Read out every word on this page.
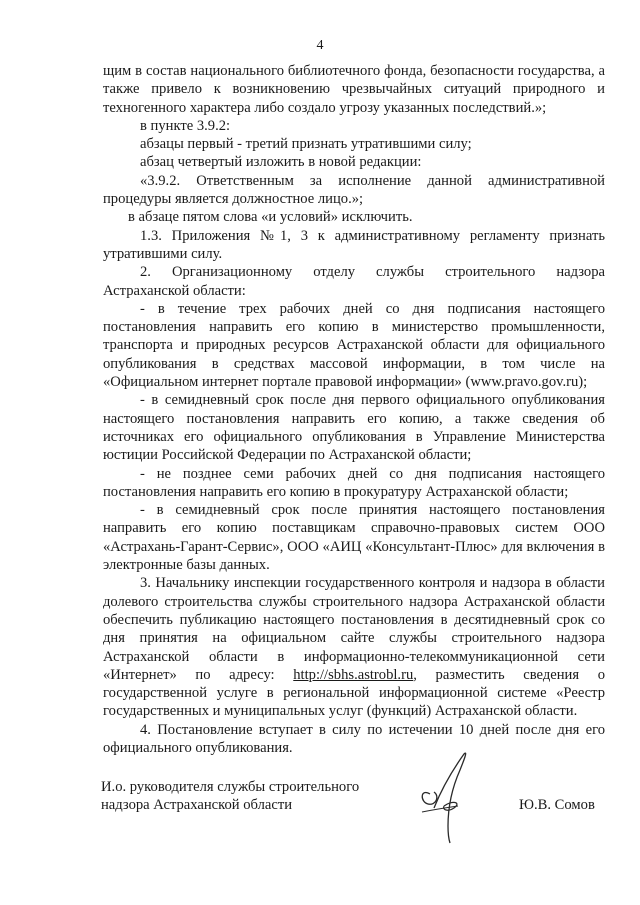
4

щим в состав национального библиотечного фонда, безопасности государства, а также привело к возникновению чрезвычайных ситуаций природного и техногенного характера либо создало угрозу указанных последствий.»;

в пункте 3.9.2:

абзацы первый - третий признать утратившими силу;

абзац четвертый изложить в новой редакции:

«3.9.2. Ответственным за исполнение данной административной процедуры является должностное лицо.»;

в абзаце пятом слова «и условий» исключить.

1.3. Приложения №1, 3 к административному регламенту признать утратившими силу.

2. Организационному отделу службы строительного надзора Астраханской области:

- в течение трех рабочих дней со дня подписания настоящего постановления направить его копию в министерство промышленности, транспорта и природных ресурсов Астраханской области для официального опубликования в средствах массовой информации, в том числе на «Официальном интернет портале правовой информации» (www.pravo.gov.ru);

- в семидневный срок после дня первого официального опубликования настоящего постановления направить его копию, а также сведения об источниках его официального опубликования в Управление Министерства юстиции Российской Федерации по Астраханской области;

- не позднее семи рабочих дней со дня подписания настоящего постановления направить его копию в прокуратуру Астраханской области;

- в семидневный срок после принятия настоящего постановления направить его копию поставщикам справочно-правовых систем ООО «Астрахань-Гарант-Сервис», ООО «АИЦ «Консультант-Плюс» для включения в электронные базы данных.

3. Начальнику инспекции государственного контроля и надзора в области долевого строительства службы строительного надзора Астраханской области обеспечить публикацию настоящего постановления в десятидневный срок со дня принятия на официальном сайте службы строительного надзора Астраханской области в информационно-телекоммуникационной сети «Интернет» по адресу: http://sbhs.astrobl.ru, разместить сведения о государственной услуге в региональной информационной системе «Реестр государственных и муниципальных услуг (функций) Астраханской области.

4. Постановление вступает в силу по истечении 10 дней после дня его официального опубликования.

И.о. руководителя службы строительного
надзора Астраханской области	Ю.В. Сомов
